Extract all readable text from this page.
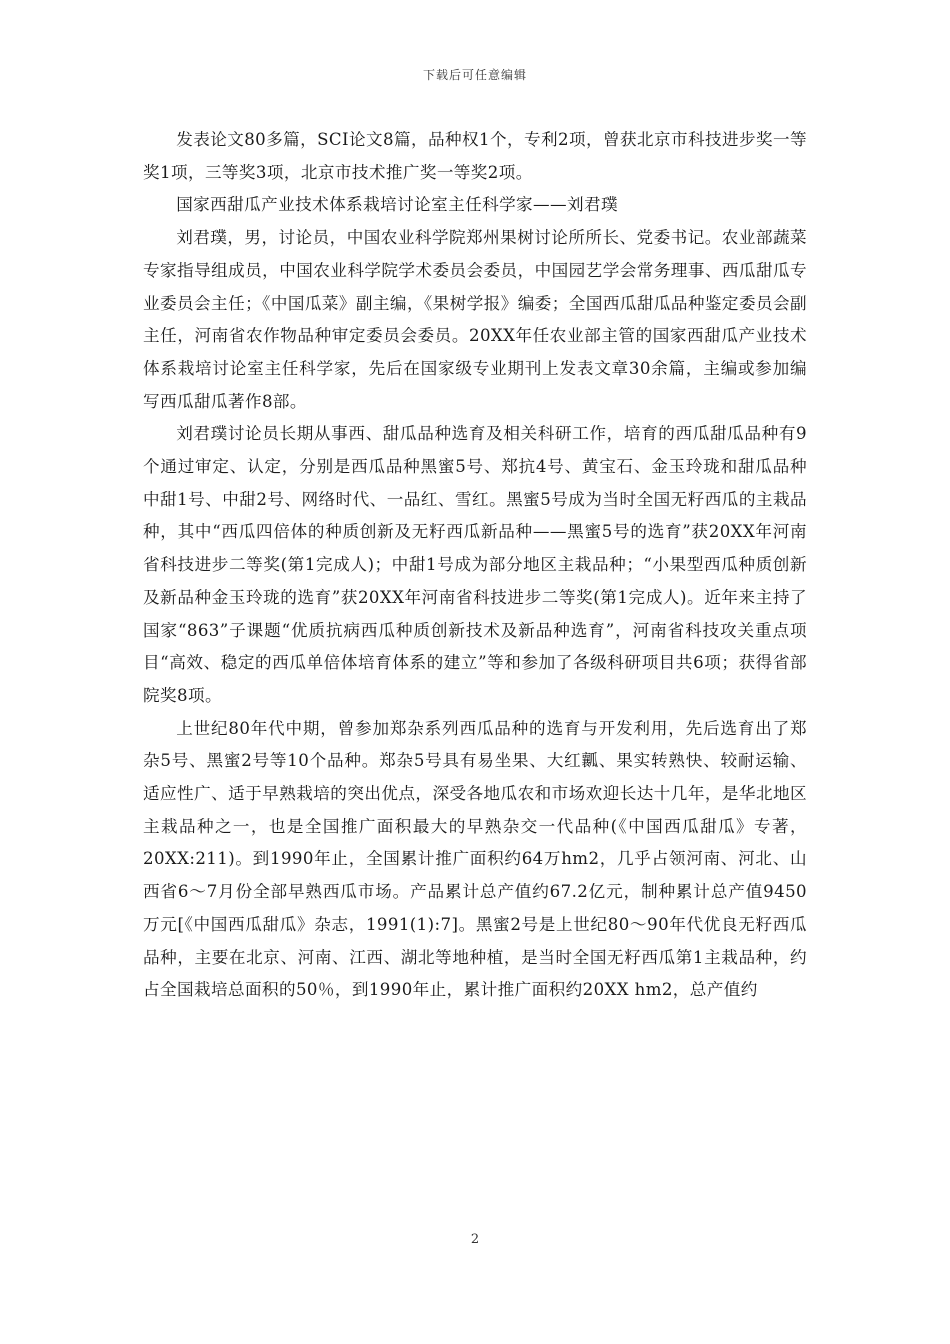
下载后可任意编辑

发表论文80多篇，SCI论文8篇，品种权1个，专利2项，曾获北京市科技进步奖一等奖1项，三等奖3项，北京市技术推广奖一等奖2项。

国家西甜瓜产业技术体系栽培讨论室主任科学家——刘君璞

刘君璞，男，讨论员，中国农业科学院郑州果树讨论所所长、党委书记。农业部蔬菜专家指导组成员，中国农业科学院学术委员会委员，中国园艺学会常务理事、西瓜甜瓜专业委员会主任；《中国瓜菜》副主编，《果树学报》编委；全国西瓜甜瓜品种鉴定委员会副主任，河南省农作物品种审定委员会委员。20XX年任农业部主管的国家西甜瓜产业技术体系栽培讨论室主任科学家，先后在国家级专业期刊上发表文章30余篇，主编或参加编写西瓜甜瓜著作8部。

刘君璞讨论员长期从事西、甜瓜品种选育及相关科研工作，培育的西瓜甜瓜品种有9个通过审定、认定，分别是西瓜品种黑蜜5号、郑抗4号、黄宝石、金玉玲珑和甜瓜品种中甜1号、中甜2号、网络时代、一品红、雪红。黑蜜5号成为当时全国无籽西瓜的主栽品种，其中“西瓜四倍体的种质创新及无籽西瓜新品种——黑蜜5号的选育”获20XX年河南省科技进步二等奖(第1完成人)；中甜1号成为部分地区主栽品种；“小果型西瓜种质创新及新品种金玉玲珑的选育”获20XX年河南省科技进步二等奖(第1完成人)。近年来主持了国家“863”子课题“优质抗病西瓜种质创新技术及新品种选育”，河南省科技攻关重点项目“高效、稳定的西瓜单倍体培育体系的建立”等和参加了各级科研项目共6项；获得省部院奖8项。

上世纪80年代中期，曾参加郑杂系列西瓜品种的选育与开发利用，先后选育出了郑杂5号、黑蜜2号等10个品种。郑杂5号具有易坐果、大红瓤、果实转熟快、较耐运输、适应性广、适于早熟栽培的突出优点，深受各地瓜农和市场欢迎长达十几年，是华北地区主栽品种之一，也是全国推广面积最大的早熟杂交一代品种(《中国西瓜甜瓜》专著，20XX:211)。到1990年止，全国累计推广面积约64万hm2，几乎占领河南、河北、山西省6～7月份全部早熟西瓜市场。产品累计总产值约67.2亿元，制种累计总产值9450万元[《中国西瓜甜瓜》杂志，1991(1):7]。黑蜜2号是上世纪80～90年代优良无籽西瓜品种，主要在北京、河南、江西、湖北等地种植，是当时全国无籽西瓜第1主栽品种，约占全国栽培总面积的50％，到1990年止，累计推广面积约20XX hm2，总产值约

2
